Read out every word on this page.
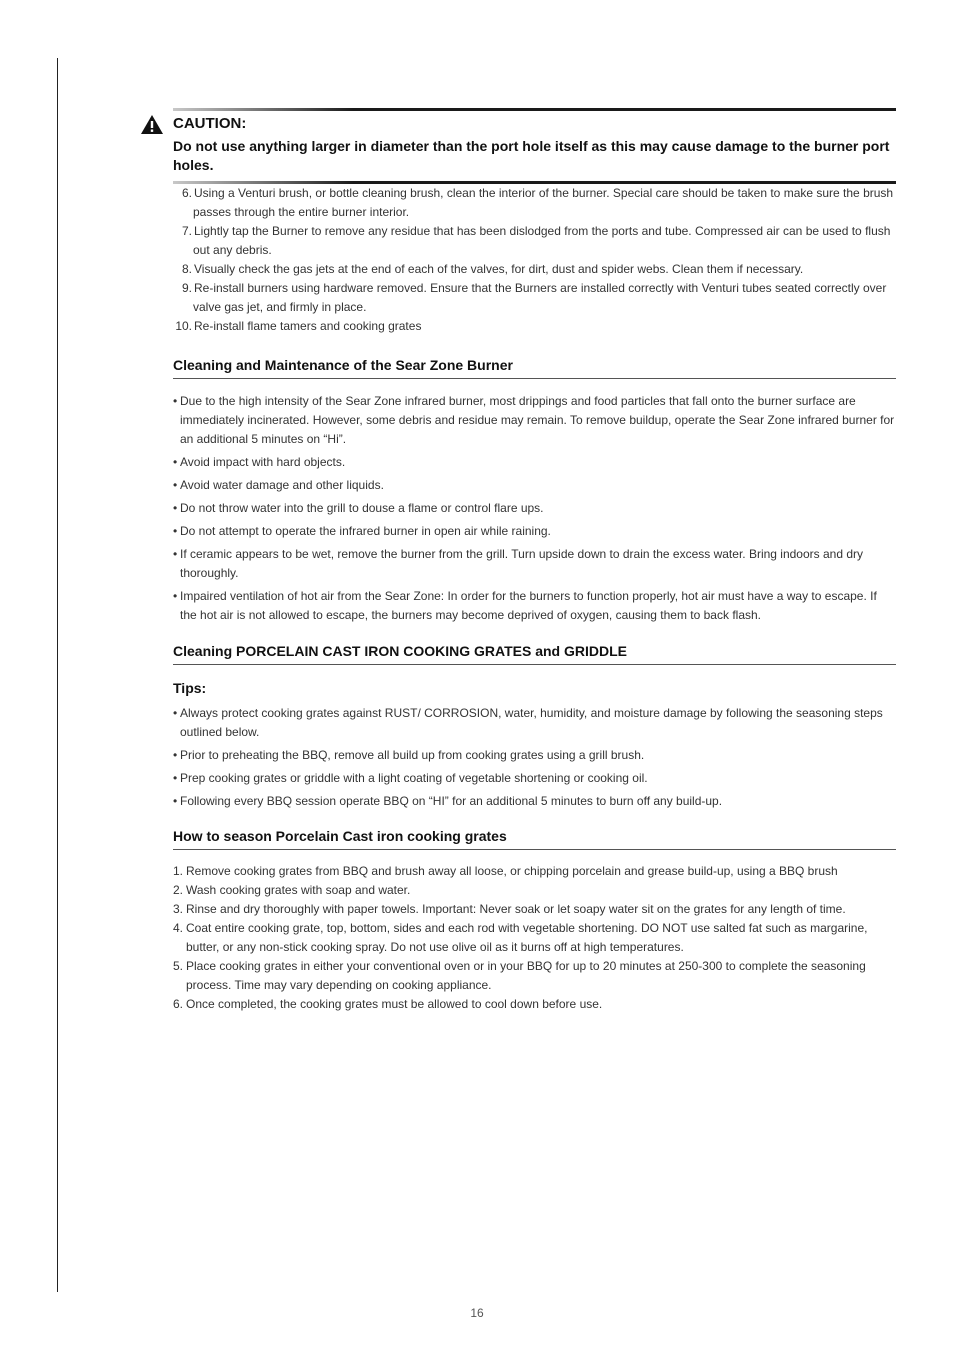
CAUTION:
Do not use anything larger in diameter than the port hole itself as this may cause damage to the burner port holes.
6. Using a Venturi brush, or bottle cleaning brush, clean the interior of the burner. Special care should be taken to make sure the brush passes through the entire burner interior.
7. Lightly tap the Burner to remove any residue that has been dislodged from the ports and tube. Compressed air can be used to flush out any debris.
8. Visually check the gas jets at the end of each of the valves, for dirt, dust and spider webs. Clean them if necessary.
9. Re-install burners using hardware removed. Ensure that the Burners are installed correctly with Venturi tubes seated correctly over valve gas jet, and firmly in place.
10. Re-install flame tamers and cooking grates
Cleaning and Maintenance of the Sear Zone Burner
• Due to the high intensity of the Sear Zone infrared burner, most drippings and food particles that fall onto the burner surface are immediately incinerated. However, some debris and residue may remain. To remove buildup, operate the Sear Zone infrared burner for an additional 5 minutes on “Hi”.
• Avoid impact with hard objects.
• Avoid water damage and other liquids.
• Do not throw water into the grill to douse a flame or control flare ups.
• Do not attempt to operate the infrared burner in open air while raining.
• If ceramic appears to be wet, remove the burner from the grill. Turn upside down to drain the excess water. Bring indoors and dry thoroughly.
• Impaired ventilation of hot air from the Sear Zone: In order for the burners to function properly, hot air must have a way to escape. If the hot air is not allowed to escape, the burners may become deprived of oxygen, causing them to back flash.
Cleaning PORCELAIN CAST IRON COOKING GRATES and GRIDDLE
Tips:
• Always protect cooking grates against RUST/ CORROSION, water, humidity, and moisture damage by following the seasoning steps outlined below.
• Prior to preheating the BBQ, remove all build up from cooking grates using a grill brush.
• Prep cooking grates or griddle with a light coating of vegetable shortening or cooking oil.
• Following every BBQ session operate BBQ on “HI” for an additional 5 minutes to burn off any build-up.
How to season Porcelain Cast iron cooking grates
1. Remove cooking grates from BBQ and brush away all loose, or chipping porcelain and grease build-up, using a BBQ brush
2. Wash cooking grates with soap and water.
3. Rinse and dry thoroughly with paper towels. Important: Never soak or let soapy water sit on the grates for any length of time.
4. Coat entire cooking grate, top, bottom, sides and each rod with vegetable shortening. DO NOT use salted fat such as margarine, butter, or any non-stick cooking spray. Do not use olive oil as it burns off at high temperatures.
5. Place cooking grates in either your conventional oven or in your BBQ for up to 20 minutes at 250-300 to complete the seasoning process. Time may vary depending on cooking appliance.
6. Once completed, the cooking grates must be allowed to cool down before use.
16
